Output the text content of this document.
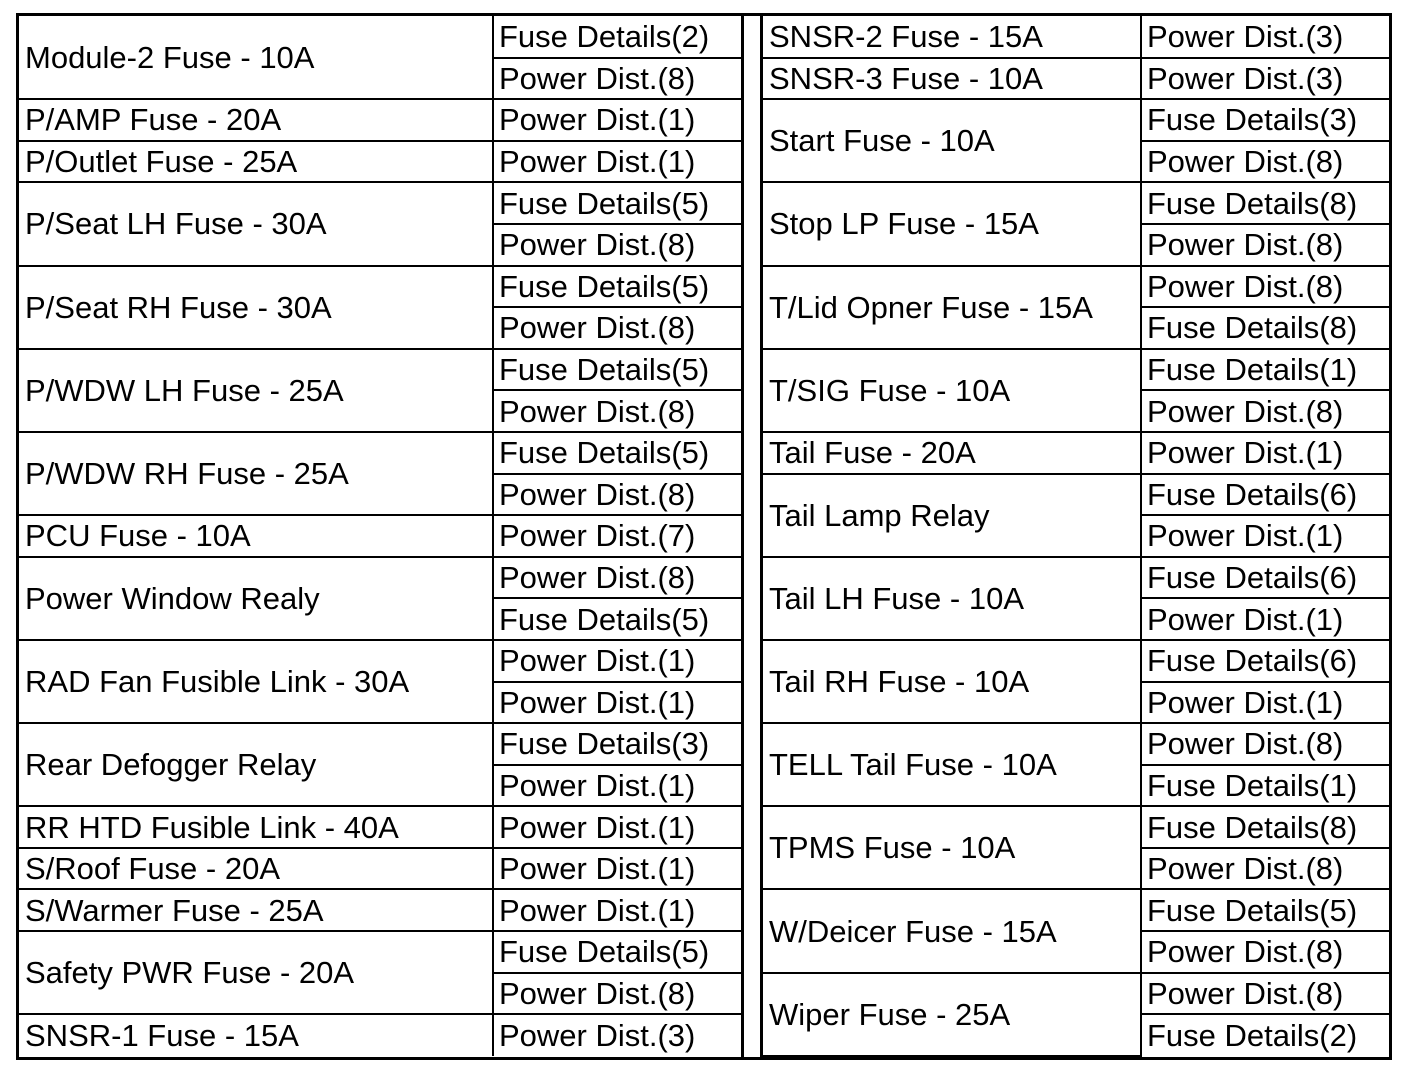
Module-2 Fuse - 10A	Fuse Details(2)
	Power Dist.(8)
P/AMP Fuse - 20A	Power Dist.(1)
P/Outlet Fuse - 25A	Power Dist.(1)
P/Seat LH Fuse - 30A	Fuse Details(5)
	Power Dist.(8)
P/Seat RH Fuse - 30A	Fuse Details(5)
	Power Dist.(8)
P/WDW LH Fuse - 25A	Fuse Details(5)
	Power Dist.(8)
P/WDW RH Fuse - 25A	Fuse Details(5)
	Power Dist.(8)
PCU Fuse - 10A	Power Dist.(7)
Power Window Realy	Power Dist.(8)
	Fuse Details(5)
RAD Fan Fusible Link - 30A	Power Dist.(1)
	Power Dist.(1)
Rear Defogger Relay	Fuse Details(3)
	Power Dist.(1)
RR HTD Fusible Link - 40A	Power Dist.(1)
S/Roof Fuse - 20A	Power Dist.(1)
S/Warmer Fuse - 25A	Power Dist.(1)
Safety PWR Fuse - 20A	Fuse Details(5)
	Power Dist.(8)
SNSR-1 Fuse - 15A	Power Dist.(3)
SNSR-2 Fuse - 15A	Power Dist.(3)
SNSR-3 Fuse - 10A	Power Dist.(3)
Start Fuse - 10A	Fuse Details(3)
	Power Dist.(8)
Stop LP Fuse - 15A	Fuse Details(8)
	Power Dist.(8)
T/Lid Opner Fuse - 15A	Power Dist.(8)
	Fuse Details(8)
T/SIG Fuse - 10A	Fuse Details(1)
	Power Dist.(8)
Tail Fuse - 20A	Power Dist.(1)
Tail Lamp Relay	Fuse Details(6)
	Power Dist.(1)
Tail LH Fuse - 10A	Fuse Details(6)
	Power Dist.(1)
Tail RH Fuse - 10A	Fuse Details(6)
	Power Dist.(1)
TELL Tail Fuse - 10A	Power Dist.(8)
	Fuse Details(1)
TPMS Fuse - 10A	Fuse Details(8)
	Power Dist.(8)
W/Deicer Fuse - 15A	Fuse Details(5)
	Power Dist.(8)
Wiper Fuse - 25A	Power Dist.(8)
	Fuse Details(2)
